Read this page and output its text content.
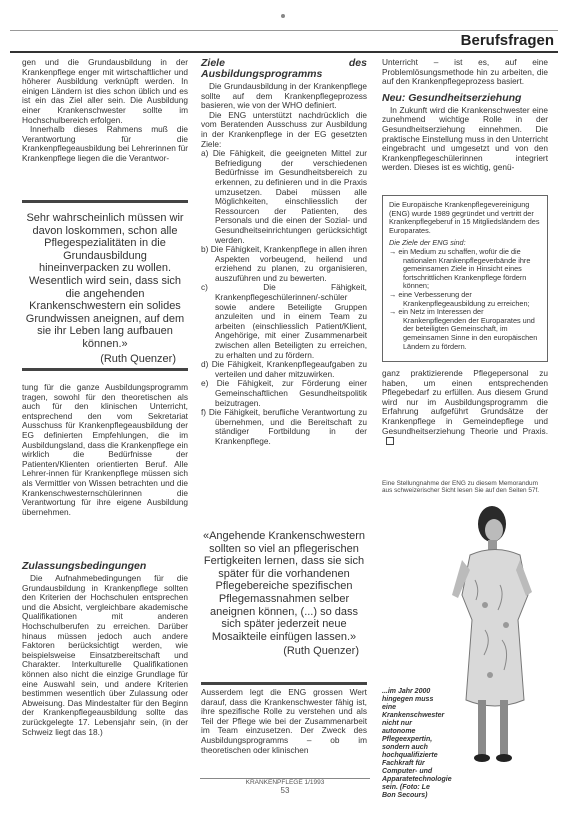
Berufsfragen

gen und die Grundausbildung in der Krankenpflege enger mit wirtschaftlicher und höherer Ausbildung verknüpft werden. In einigen Ländern ist dies schon üblich und es ist ein das Ziel aller sein. Die Ausbildung einer Krankenschwester sollte im Hochschulbereich erfolgen.

Innerhalb dieses Rahmens muß die Verantwortung für die Krankenpflegeausbildung bei Lehrerinnen für Krankenpflege liegen die die Verantwor-

Sehr wahrscheinlich müssen wir davon loskommen, schon alle Pflegespezialitäten in die Grundausbildung hineinverpacken zu wollen. Wesentlich wird sein, dass sich die angehenden Krankenschwestern ein solides Grundwissen aneignen, auf dem sie ihr Leben lang aufbauen können.»
(Ruth Quenzer)

tung für die ganze Ausbildungsprogramm tragen, sowohl für den theoretischen als auch für den klinischen Unterricht, entsprechend den vom Sekretariat Ausschuss für Krankenpflegeausbildung der EG definierten Empfehlungen, die im Ausbildungsland, dass die Krankenpflege ein wirklich die Bedürfnisse der Patienten/Klienten orientierten Beruf. Alle Lehrer-innen für Krankenpflege müssen sich als Vermittler von Wissen betrachten und die Krankenschwesternschülerinnen die Verantwortung für ihre eigene Ausbildung übernehmen.

Zulassungsbedingungen

Die Aufnahmebedingungen für die Grundausbildung in Krankenpflege sollten den Kriterien der Hochschulen entsprechen und die Absicht, vergleichbare akademische Qualifikationen mit anderen Hochschulberufen zu erreichen. Darüber hinaus müssen jedoch auch andere Faktoren berücksichtigt werden, wie beispielsweise Einsatzbereitschaft und Charakter. Interkulturelle Qualifikationen können also nicht die einzige Grundlage für eine Auswahl sein, und andere Kriterien bestimmen wesentlich über Zulassung oder Abweisung. Das Mindestalter für den Beginn der Krankenpflegeausbildung sollte das zurückgelegte 17. Lebensjahr sein, (in der Schweiz liegt das 18.)

Ziele des Ausbildungsprogramms

Die Grundausbildung in der Krankenpflege sollte auf dem Krankenpflegeprozess basieren, wie von der WHO definiert.

Die ENG unterstützt nachdrücklich die vom Beratenden Ausschuss zur Ausbildung in der Krankenpflege in der EG gesetzten Ziele:

a) Die Fähigkeit, die geeigneten Mittel zur Befriedigung der verschiedenen Bedürfnisse im Gesundheitsbereich zu erkennen, zu definieren und in die Praxis umzusetzen. Dabei müssen alle Möglichkeiten, einschliesslich der Ressourcen der Patienten, des Personals und die einen der Sozial- und Gesundheitseinrichtungen gerücksichtigt werden.
b) Die Fähigkeit, Krankenpflege in allen ihren Aspekten vorbeugend, heilend und erziehend zu planen, zu organisieren, auszuführen und zu bewerten.
c) Die Fähigkeit, Krankenpflegeschülerinnen/-schüler sowie andere Beteiligte Gruppen anzuleiten und in einem Team zu arbeiten (einschliesslich Patient/Klient, Angehörige, mit einer Zusammenarbeit zwischen allen Beteiligten zu erreichen, zu erhalten und zu fördern.
d) Die Fähigkeit, Krankenpflegeaufgaben zu verteilen und daher mitzuwirken.
e) Die Fähigkeit, zur Förderung einer Gemeinschaftlichen Gesundheitspolitik beizutragen.
f) Die Fähigkeit, berufliche Verantwortung zu übernehmen, und die Bereitschaft zu ständiger Fortbildung in der Krankenpflege.
«Angehende Krankenschwestern sollten so viel an pflegerischen Fertigkeiten lernen, dass sie sich später für die vorhandenen Pflegebereiche spezifischen Pflegemassnahmen selber aneignen können, (...) so dass sich später jederzeit neue Mosaikteile einfügen lassen.»
(Ruth Quenzer)

Ausserdem legt die ENG grossen Wert darauf, dass die Krankenschwester fähig ist, ihre spezifische Rolle zu verstehen und als Teil der Pflege wie bei der Zusammenarbeit im Team einzusetzen. Der Zweck des Ausbildungsprogramms – ob im theoretischen oder klinischen

Unterricht – ist es, auf eine Problemlösungsmethode hin zu arbeiten, die auf den Krankenpflegeprozess basiert.

Neu: Gesundheitserziehung

In Zukunft wird die Krankenschwester eine zunehmend wichtige Rolle in der Gesundheitserziehung einnehmen. Die praktische Einstellung muss in den Unterricht eingebracht und umgesetzt und von den Krankenpflegeschülerinnen integriert werden. Dieses ist es wichtig, genü-

Die Europäische Krankenpflegevereinigung (ENG) wurde 1989 gegründet und vertritt der Krankenpflegeberuf in 15 Mitgliedsländern des Europarates.
Die Ziele der ENG sind:
→ ein Medium zu schaffen, wofür die die nationalen Krankenpflegeverbände ihre gemeinsamen Ziele in Hinsicht eines fortschrittlichen Krankenpflege fördern können;
→ eine Verbesserung der Krankenpflegeausbildung zu erreichen;
→ ein Netz im Interessen der Krankenpflegenden der Europarates und der beteiligten Gemeinschaft, im gemeinsamen Sinne in den europäischen Ländern zu fördern.

ganz praktizierende Pflegepersonal zu haben, um einen entsprechenden Pflegebedarf zu erfüllen. Aus diesem Grund wird nur im Ausbildungsprogramm die Erfahrung aufgeführt Grundsätze der Krankenpflege in Gemeindepflege und Gesundheitserziehung Theorie und Praxis.

Eine Stellungnahme der ENG zu diesem Memorandum aus schweizerischer Sicht lesen Sie auf den Seiten 57f.
...im Jahr 2000 hingegen muss eine Krankenschwester nicht nur autonome Pflegeexpertin, sondern auch hochqualifizierte Fachkraft für Computer- und Apparatetechnologie sein. (Foto: Le Bon Secours)
KRANKENPFLEGE 1/1993
53
